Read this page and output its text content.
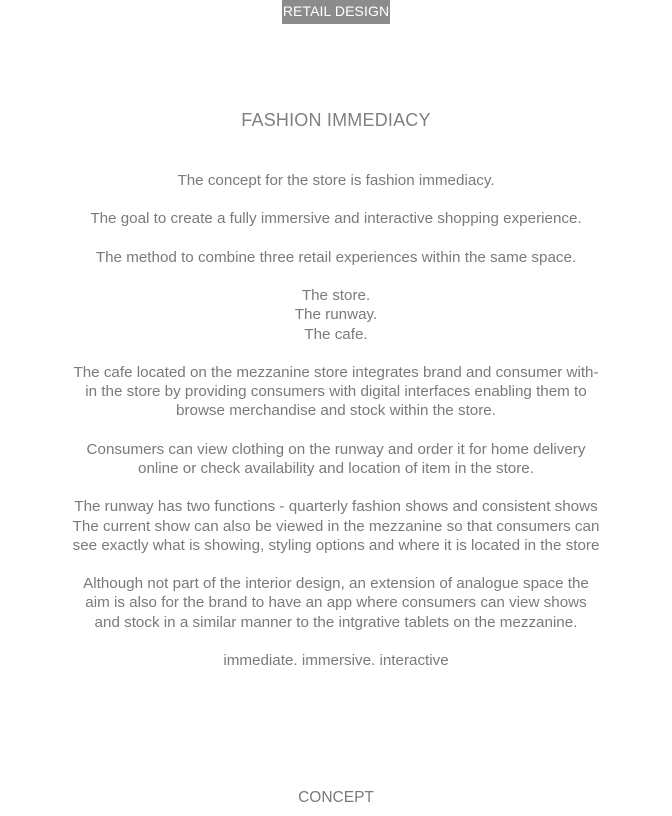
RETAIL DESIGN
FASHION IMMEDIACY

The concept for the store is fashion immediacy.

The goal to create a fully immersive and interactive shopping experience.

The method to combine three retail experiences within the same space.

The store.
The runway.
The cafe.

The cafe located on the mezzanine store integrates brand and consumer with-
in the store by providing consumers with digital interfaces enabling them to
browse merchandise and stock within the store.

Consumers can view clothing on the runway and order it for home delivery
online or check availability and location of item in the store.

The runway has two functions - quarterly fashion shows and consistent shows
The current show can also be viewed in the mezzanine so that consumers can
see exactly what is showing, styling options and where it is located in the store

Although not part of the interior design, an extension of analogue space the
aim is also for the brand to have an app where consumers can view shows
and stock in a similar manner to the intgrative tablets on the mezzanine.

immediate. immersive. interactive

CONCEPT
